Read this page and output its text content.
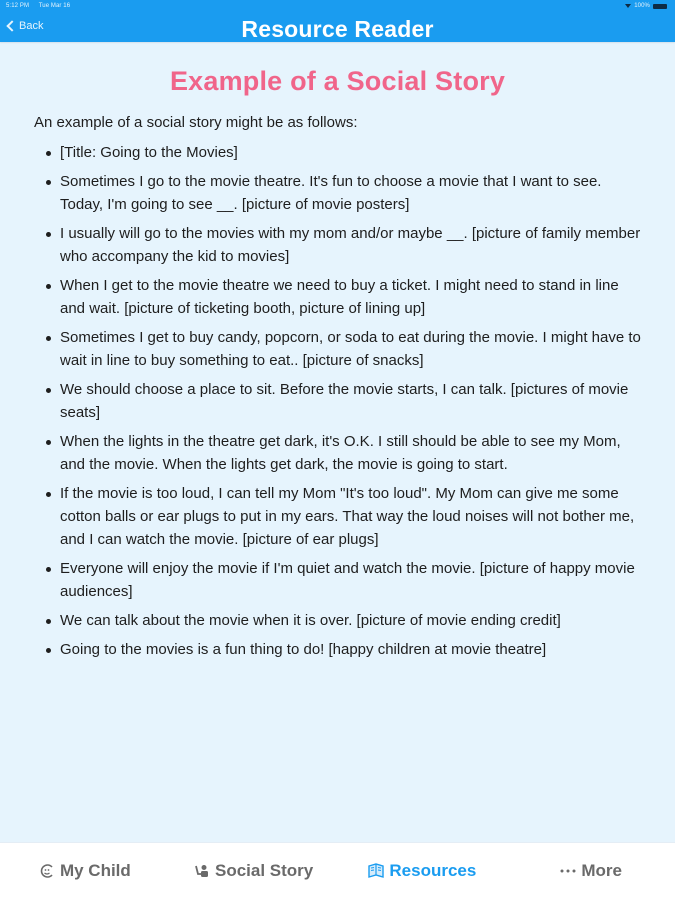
5:12 PM Tue Mar 16	100%
Back	Resource Reader
Example of a Social Story

An example of a social story might be as follows:

[Title: Going to the Movies]
Sometimes I go to the movie theatre. It's fun to choose a movie that I want to see. Today, I'm going to see __. [picture of movie posters]
I usually will go to the movies with my mom and/or maybe __. [picture of family member who accompany the kid to movies]
When I get to the movie theatre we need to buy a ticket. I might need to stand in line and wait. [picture of ticketing booth, picture of lining up]
Sometimes I get to buy candy, popcorn, or soda to eat during the movie. I might have to wait in line to buy something to eat.. [picture of snacks]
We should choose a place to sit. Before the movie starts, I can talk. [pictures of movie seats]
When the lights in the theatre get dark, it's O.K. I still should be able to see my Mom, and the movie. When the lights get dark, the movie is going to start.
If the movie is too loud, I can tell my Mom "It's too loud". My Mom can give me some cotton balls or ear plugs to put in my ears. That way the loud noises will not bother me, and I can watch the movie. [picture of ear plugs]
Everyone will enjoy the movie if I'm quiet and watch the movie. [picture of happy movie audiences]
We can talk about the movie when it is over. [picture of movie ending credit]
Going to the movies is a fun thing to do! [happy children at movie theatre]
My Child	Social Story	Resources	More
